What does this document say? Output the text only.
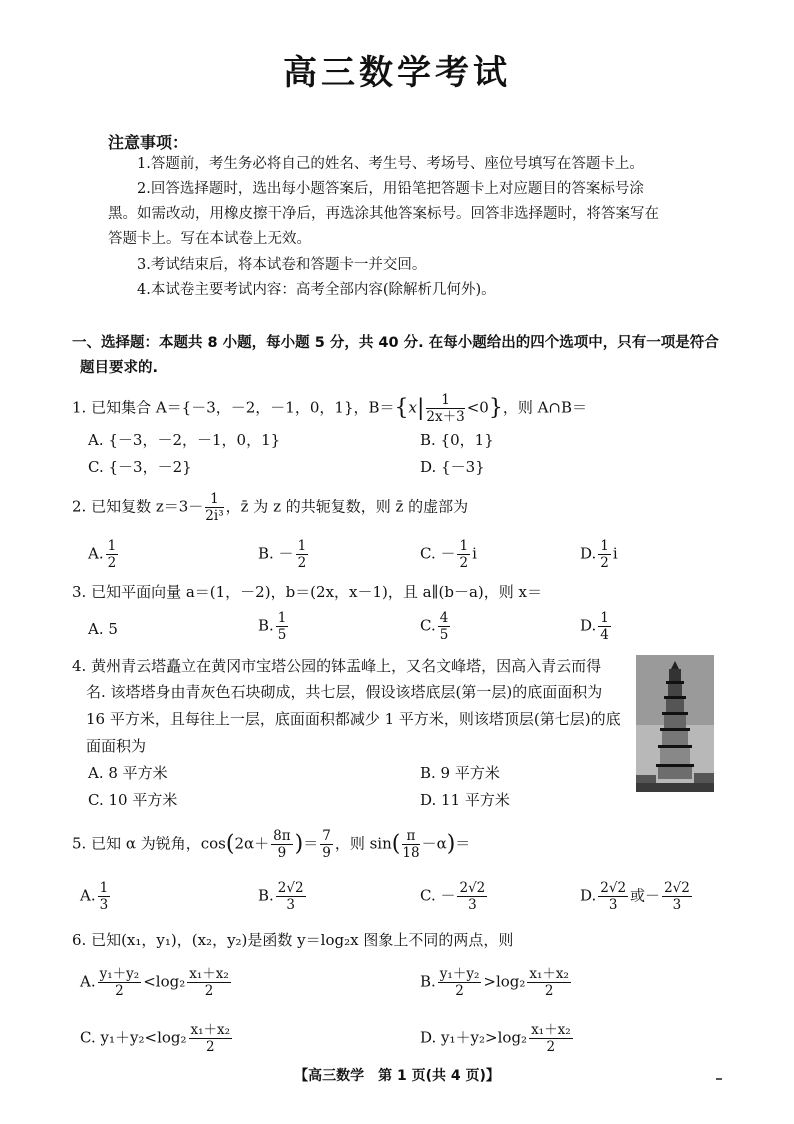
高三数学考试
注意事项：
1.答题前，考生务必将自己的姓名、考生号、考场号、座位号填写在答题卡上。
2.回答选择题时，选出每小题答案后，用铅笔把答题卡上对应题目的答案标号涂
黑。如需改动，用橡皮擦干净后，再选涂其他答案标号。回答非选择题时，将答案写在
答题卡上。写在本试卷上无效。
3.考试结束后，将本试卷和答题卡一并交回。
4.本试卷主要考试内容：高考全部内容(除解析几何外)。
一、选择题：本题共 8 小题，每小题 5 分，共 40 分. 在每小题给出的四个选项中，只有一项是符合
题目要求的.
1. 已知集合 A＝{－3，－2，－1，0，1}，$B=\{x| \frac{1}{2x+3} <0\}$，则 A∩B＝
A. {－3，－2，－1，0，1}	B. {0，1}
C. {－3，－2}	D. {－3}
2. 已知复数 $z=3- \frac{1}{\text{2i³}}$ ，z̄ 为 z 的共轭复数，则 z̄ 的虚部为
A. $\frac{1}{2}$	B. － $\frac{1}{2}$	C. － $\frac{1}{2}$ i	D. $\frac{1}{2}$ i
3. 已知平面向量 a＝(1，－2)，b＝(2x，x－1)，且 a∥(b－a)，则 x＝
A. 5	B. $\frac{1}{5}$	C. $\frac{4}{5}$	D. $\frac{1}{4}$
4. 黄州青云塔矗立在黄冈市宝塔公园的钵盂峰上，又名文峰塔，因高入青云而得
名. 该塔塔身由青灰色石块砌成，共七层，假设该塔底层(第一层)的底面面积为
16 平方米，且每往上一层，底面面积都减少 1 平方米，则该塔顶层(第七层)的底
面面积为
A. 8 平方米	B. 9 平方米
C. 10 平方米	D. 11 平方米
5. 已知 α 为锐角，$\cos(2\alpha+ \frac{8\pi}{9}$ )＝ $\frac{7}{9}$ ，则 $\sin( \frac{\pi}{18} -\alpha)=$
A. $\frac{1}{3}$	B. $\frac{2√2}{3}$	C. － $\frac{2√2}{3}$	D. $\frac{2√2}{3}$ 或－ $\frac{2√2}{3}$
6. 已知(x₁，y₁)，(x₂，y₂)是函数 y＝log₂x 图象上不同的两点，则
A. $\frac{\text{y₁＋y₂}}{2} <\log_2 \frac{\text{x₁＋x₂}}{2}$	B. $\frac{\text{y₁＋y₂}}{2} >\log_2 \frac{\text{x₁＋x₂}}{2}$
C. $y_1+y_2<\log_2 \frac{\text{x₁＋x₂}}{2}$	D. $y_1+y_2>\log_2 \frac{\text{x₁＋x₂}}{2}$
【高三数学　第 1 页(共 4 页)】
